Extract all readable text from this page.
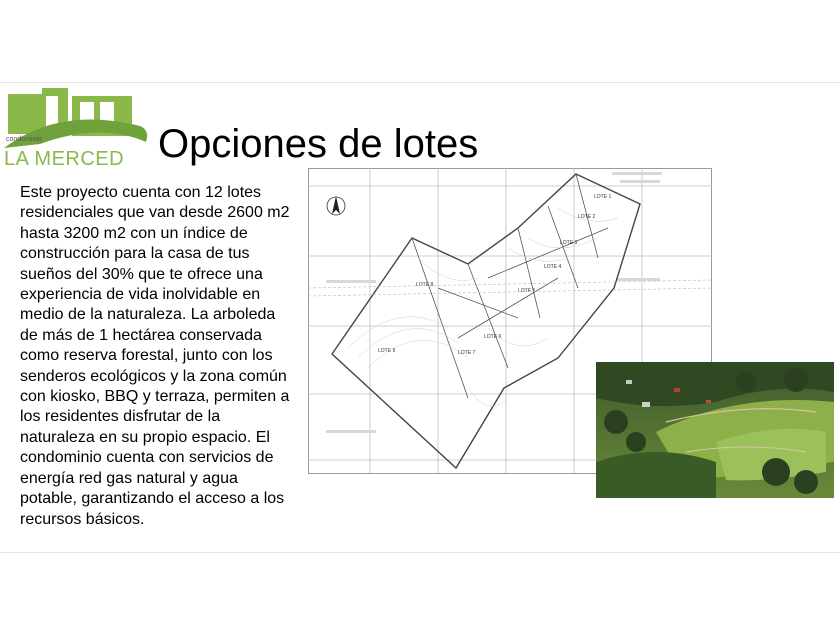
condominio
LA MERCED Opciones de lotes
Este proyecto cuenta con 12 lotes residenciales que van desde 2600 m2 hasta 3200 m2 con un índice de construcción para la casa de tus sueños del 30% que te ofrece una experiencia de vida inolvidable en medio de la naturaleza. La arboleda de más de 1 hectárea conservada como reserva forestal, junto con los senderos ecológicos y la zona común con kiosko, BBQ y terraza, permiten a los residentes disfrutar de la naturaleza en su propio espacio. El condominio cuenta con servicios de energía red gas natural y agua potable, garantizando el acceso a los recursos básicos.
LOTE 9
LOTE 8
LOTE 7
LOTE 6
LOTE 5
LOTE 4
LOTE 3
LOTE 2
LOTE 1
